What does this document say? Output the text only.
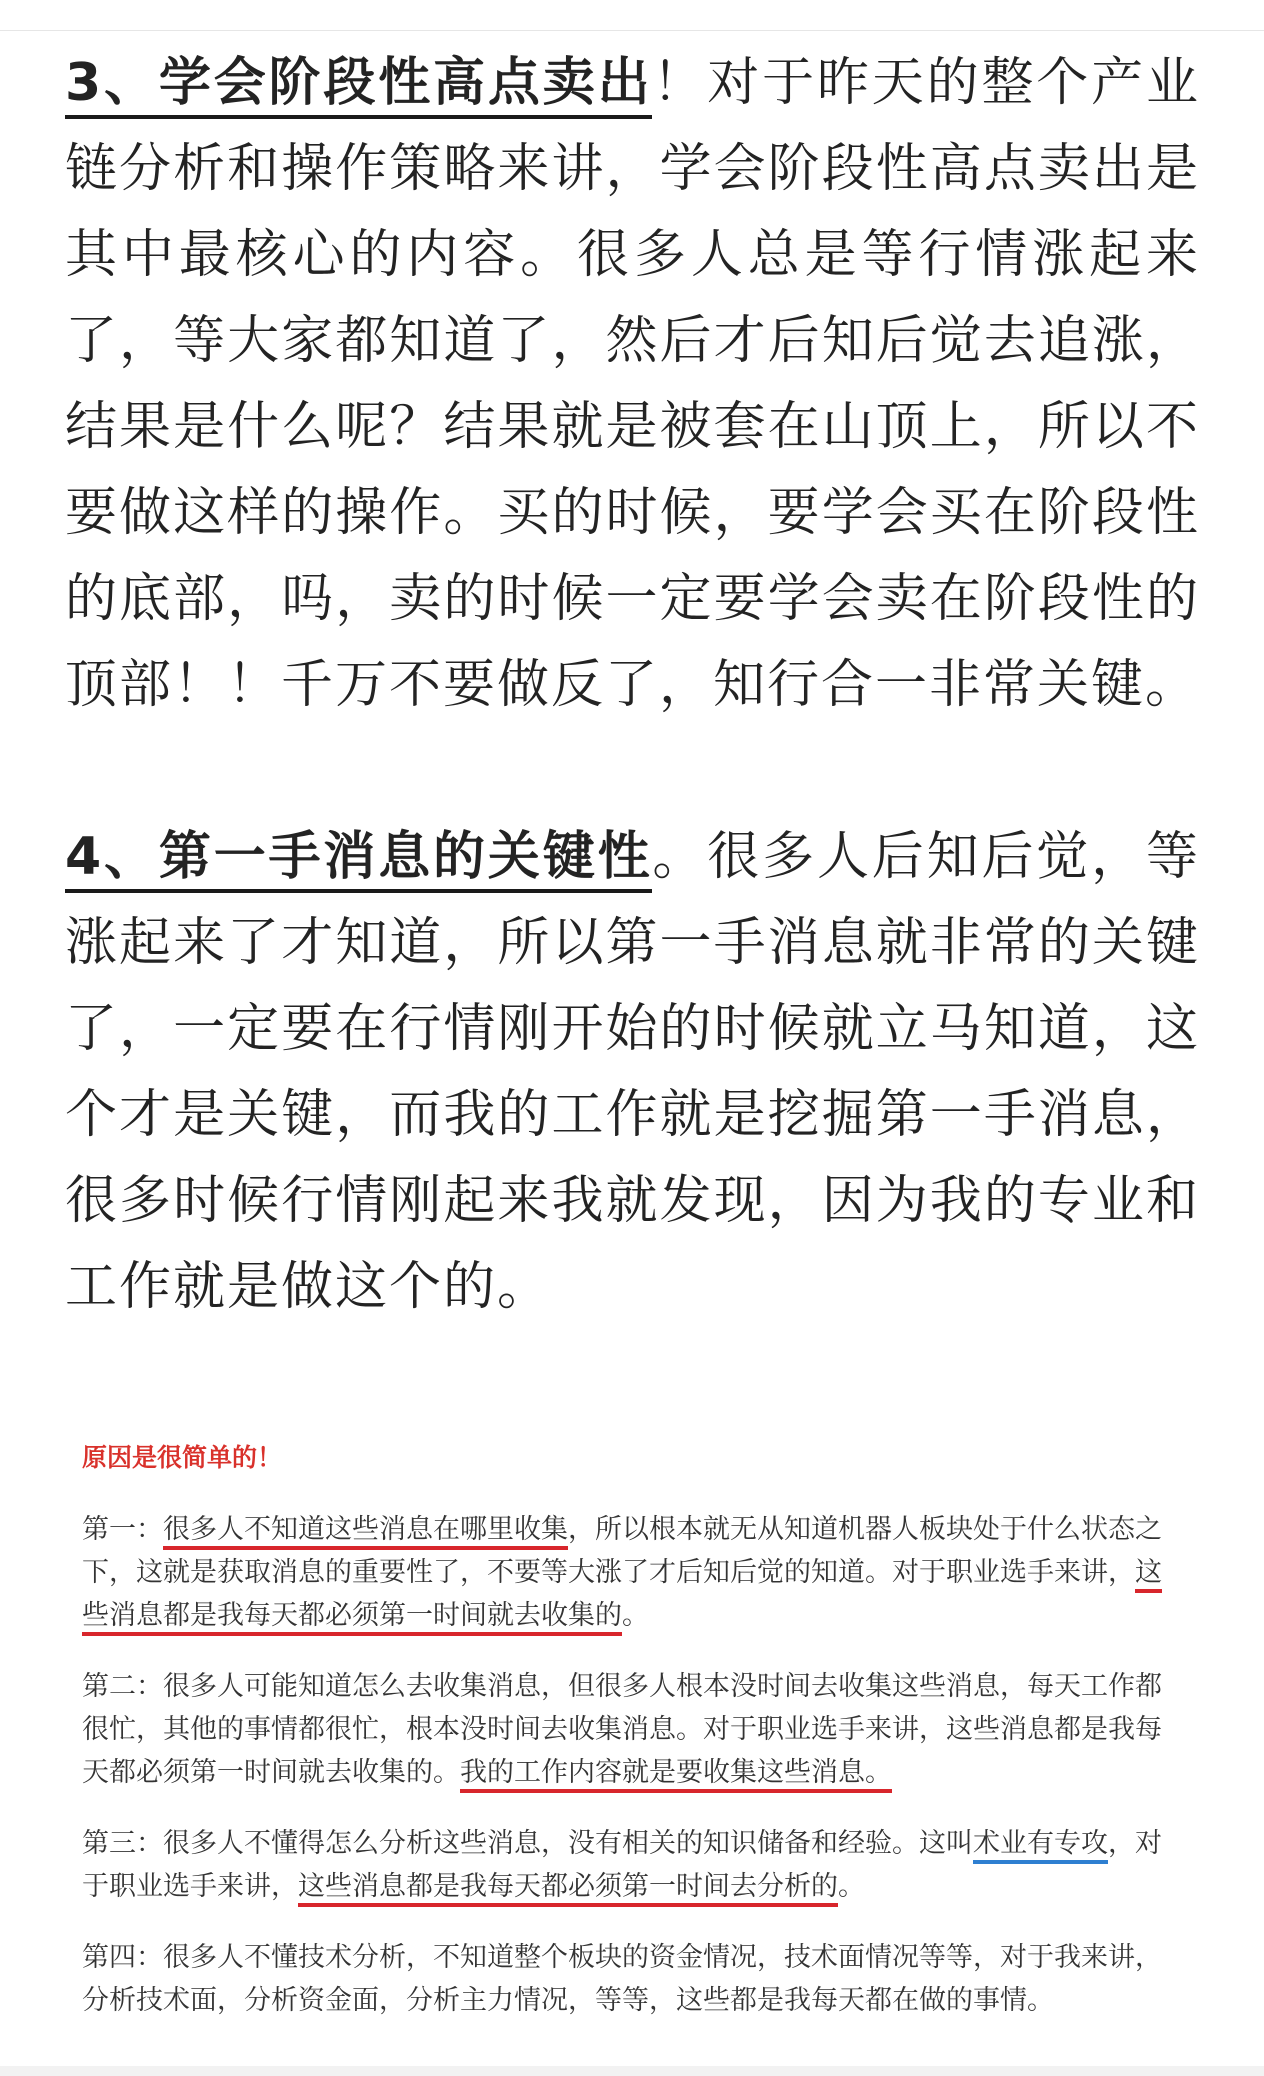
3、学会阶段性高点卖出！对于昨天的整个产业链分析和操作策略来讲，学会阶段性高点卖出是其中最核心的内容。很多人总是等行情涨起来了，等大家都知道了，然后才后知后觉去追涨，结果是什么呢？结果就是被套在山顶上，所以不要做这样的操作。买的时候，要学会买在阶段性的底部，吗，卖的时候一定要学会卖在阶段性的顶部！！千万不要做反了，知行合一非常关键。

4、第一手消息的关键性。很多人后知后觉，等涨起来了才知道，所以第一手消息就非常的关键了，一定要在行情刚开始的时候就立马知道，这个才是关键，而我的工作就是挖掘第一手消息，很多时候行情刚起来我就发现，因为我的专业和工作就是做这个的。

原因是很简单的！

第一：很多人不知道这些消息在哪里收集，所以根本就无从知道机器人板块处于什么状态之下，这就是获取消息的重要性了，不要等大涨了才后知后觉的知道。对于职业选手来讲，这些消息都是我每天都必须第一时间就去收集的。

第二：很多人可能知道怎么去收集消息，但很多人根本没时间去收集这些消息，每天工作都很忙，其他的事情都很忙，根本没时间去收集消息。对于职业选手来讲，这些消息都是我每天都必须第一时间就去收集的。我的工作内容就是要收集这些消息。

第三：很多人不懂得怎么分析这些消息，没有相关的知识储备和经验。这叫术业有专攻，对于职业选手来讲，这些消息都是我每天都必须第一时间去分析的。

第四：很多人不懂技术分析，不知道整个板块的资金情况，技术面情况等等，对于我来讲，分析技术面，分析资金面，分析主力情况，等等，这些都是我每天都在做的事情。
